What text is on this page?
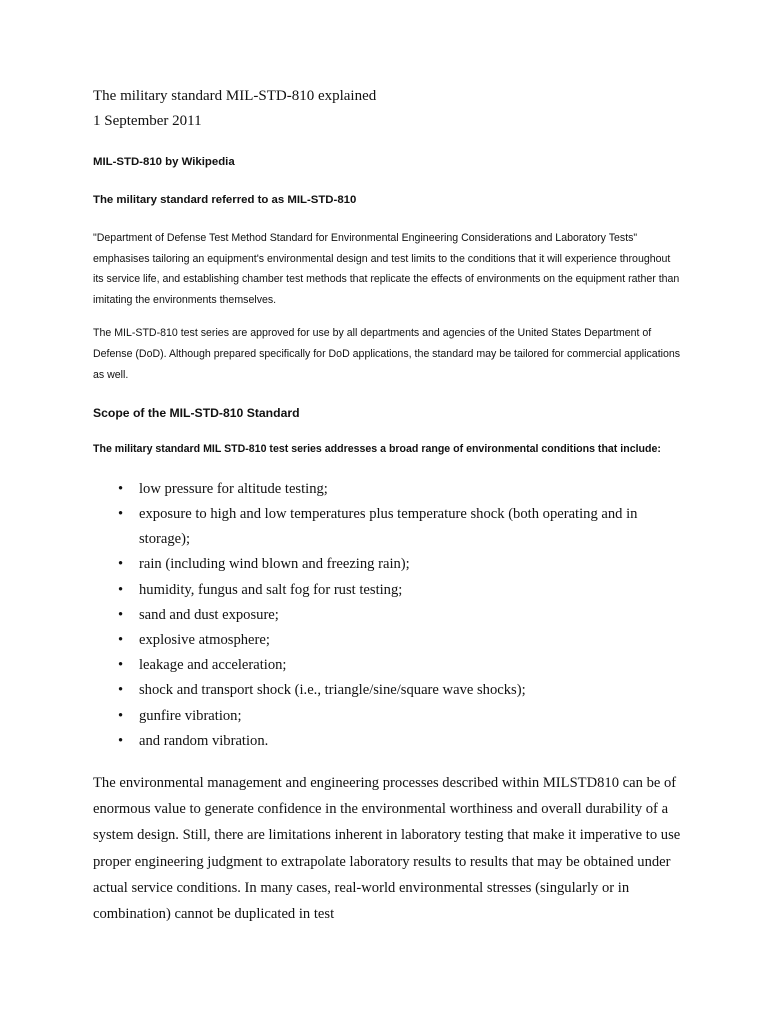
The military standard MIL-STD-810 explained

1 September 2011

MIL-STD-810 by Wikipedia

The military standard referred to as MIL-STD-810

"Department of Defense Test Method Standard for Environmental Engineering Considerations and Laboratory Tests" emphasises tailoring an equipment's environmental design and test limits to the conditions that it will experience throughout its service life, and establishing chamber test methods that replicate the effects of environments on the equipment rather than imitating the environments themselves.

The MIL-STD-810 test series are approved for use by all departments and agencies of the United States Department of Defense (DoD). Although prepared specifically for DoD applications, the standard may be tailored for commercial applications as well.

Scope of the MIL-STD-810 Standard

The military standard MIL STD-810 test series addresses a broad range of environmental conditions that include:

• low pressure for altitude testing;
• exposure to high and low temperatures plus temperature shock (both operating and in storage);
• rain (including wind blown and freezing rain);
• humidity, fungus and salt fog for rust testing;
• sand and dust exposure;
• explosive atmosphere;
• leakage and acceleration;
• shock and transport shock (i.e., triangle/sine/square wave shocks);
• gunfire vibration;
• and random vibration.

The environmental management and engineering processes described within MILSTD810 can be of enormous value to generate confidence in the environmental worthiness and overall durability of a system design. Still, there are limitations inherent in laboratory testing that make it imperative to use proper engineering judgment to extrapolate laboratory results to results that may be obtained under actual service conditions. In many cases, real-world environmental stresses (singularly or in combination) cannot be duplicated in test
